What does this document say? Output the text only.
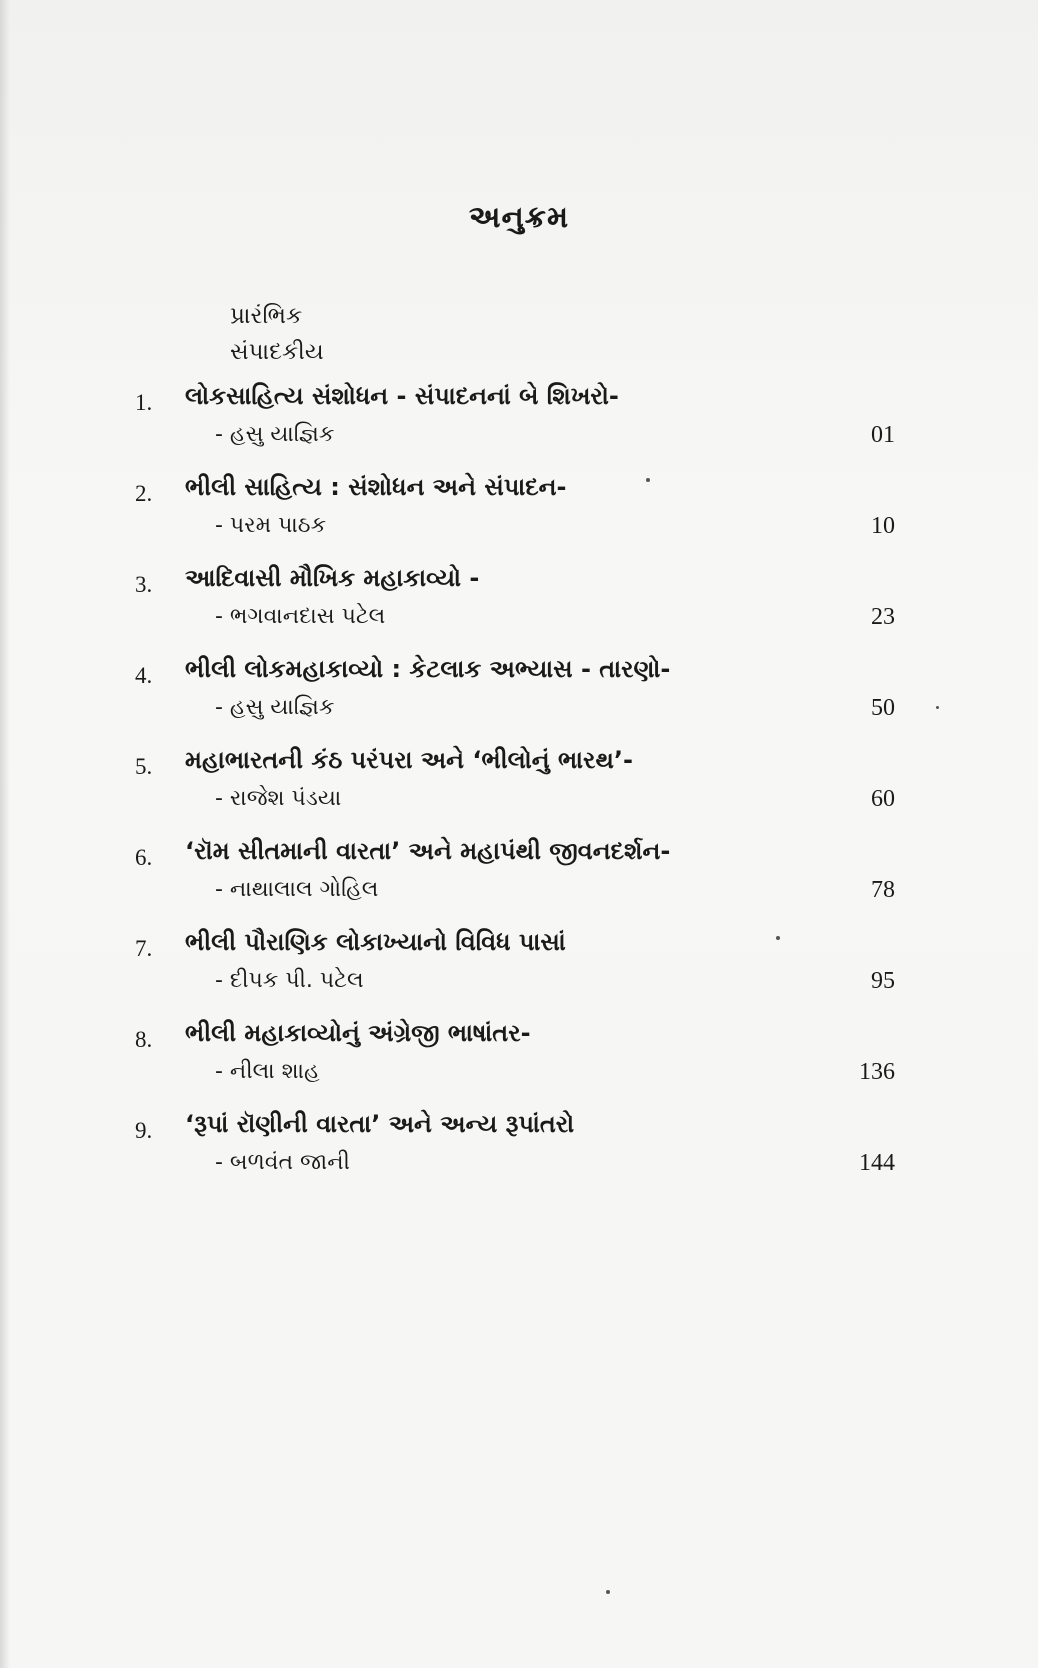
અનુક્રમ
પ્રારંભિક
સંપાદકીય
1. લોકસાહિત્ય સંશોધન - સંપાદનનાં બે શિખરો-
- હસુ યાજ્ઞિક	01
2. ભીલી સાહિત્ય : સંશોધન અને સંપાદન-
- પરમ પાઠક	10
3. આદિવાસી મૌખિક મહાકાવ્યો -
- ભગવાનદાસ પટેલ	23
4. ભીલી લોકમહાકાવ્યો : કેટલાક અભ્યાસ - તારણો-
- હસુ યાજ્ઞિક	50
5. મહાભારતની કંઠ પરંપરા અને ‘ભીલોનું ભારથ’-
- રાજેશ પંડયા	60
6. ‘રૉમ સીતમાની વારતા’ અને મહાપંથી જીવનદર્શન-
- નાથાલાલ ગોહિલ	78
7. ભીલી પૌરાણિક લોકાખ્યાનો વિવિધ પાસાં
- દીપક પી. પટેલ	95
8. ભીલી મહાકાવ્યોનું અંગ્રેજી ભાષાંતર-
- નીલા શાહ	136
9. ‘રૂપાં રૉણીની વારતા’ અને અન્ય રૂપાંતરો
- બળવંત જાની	144
